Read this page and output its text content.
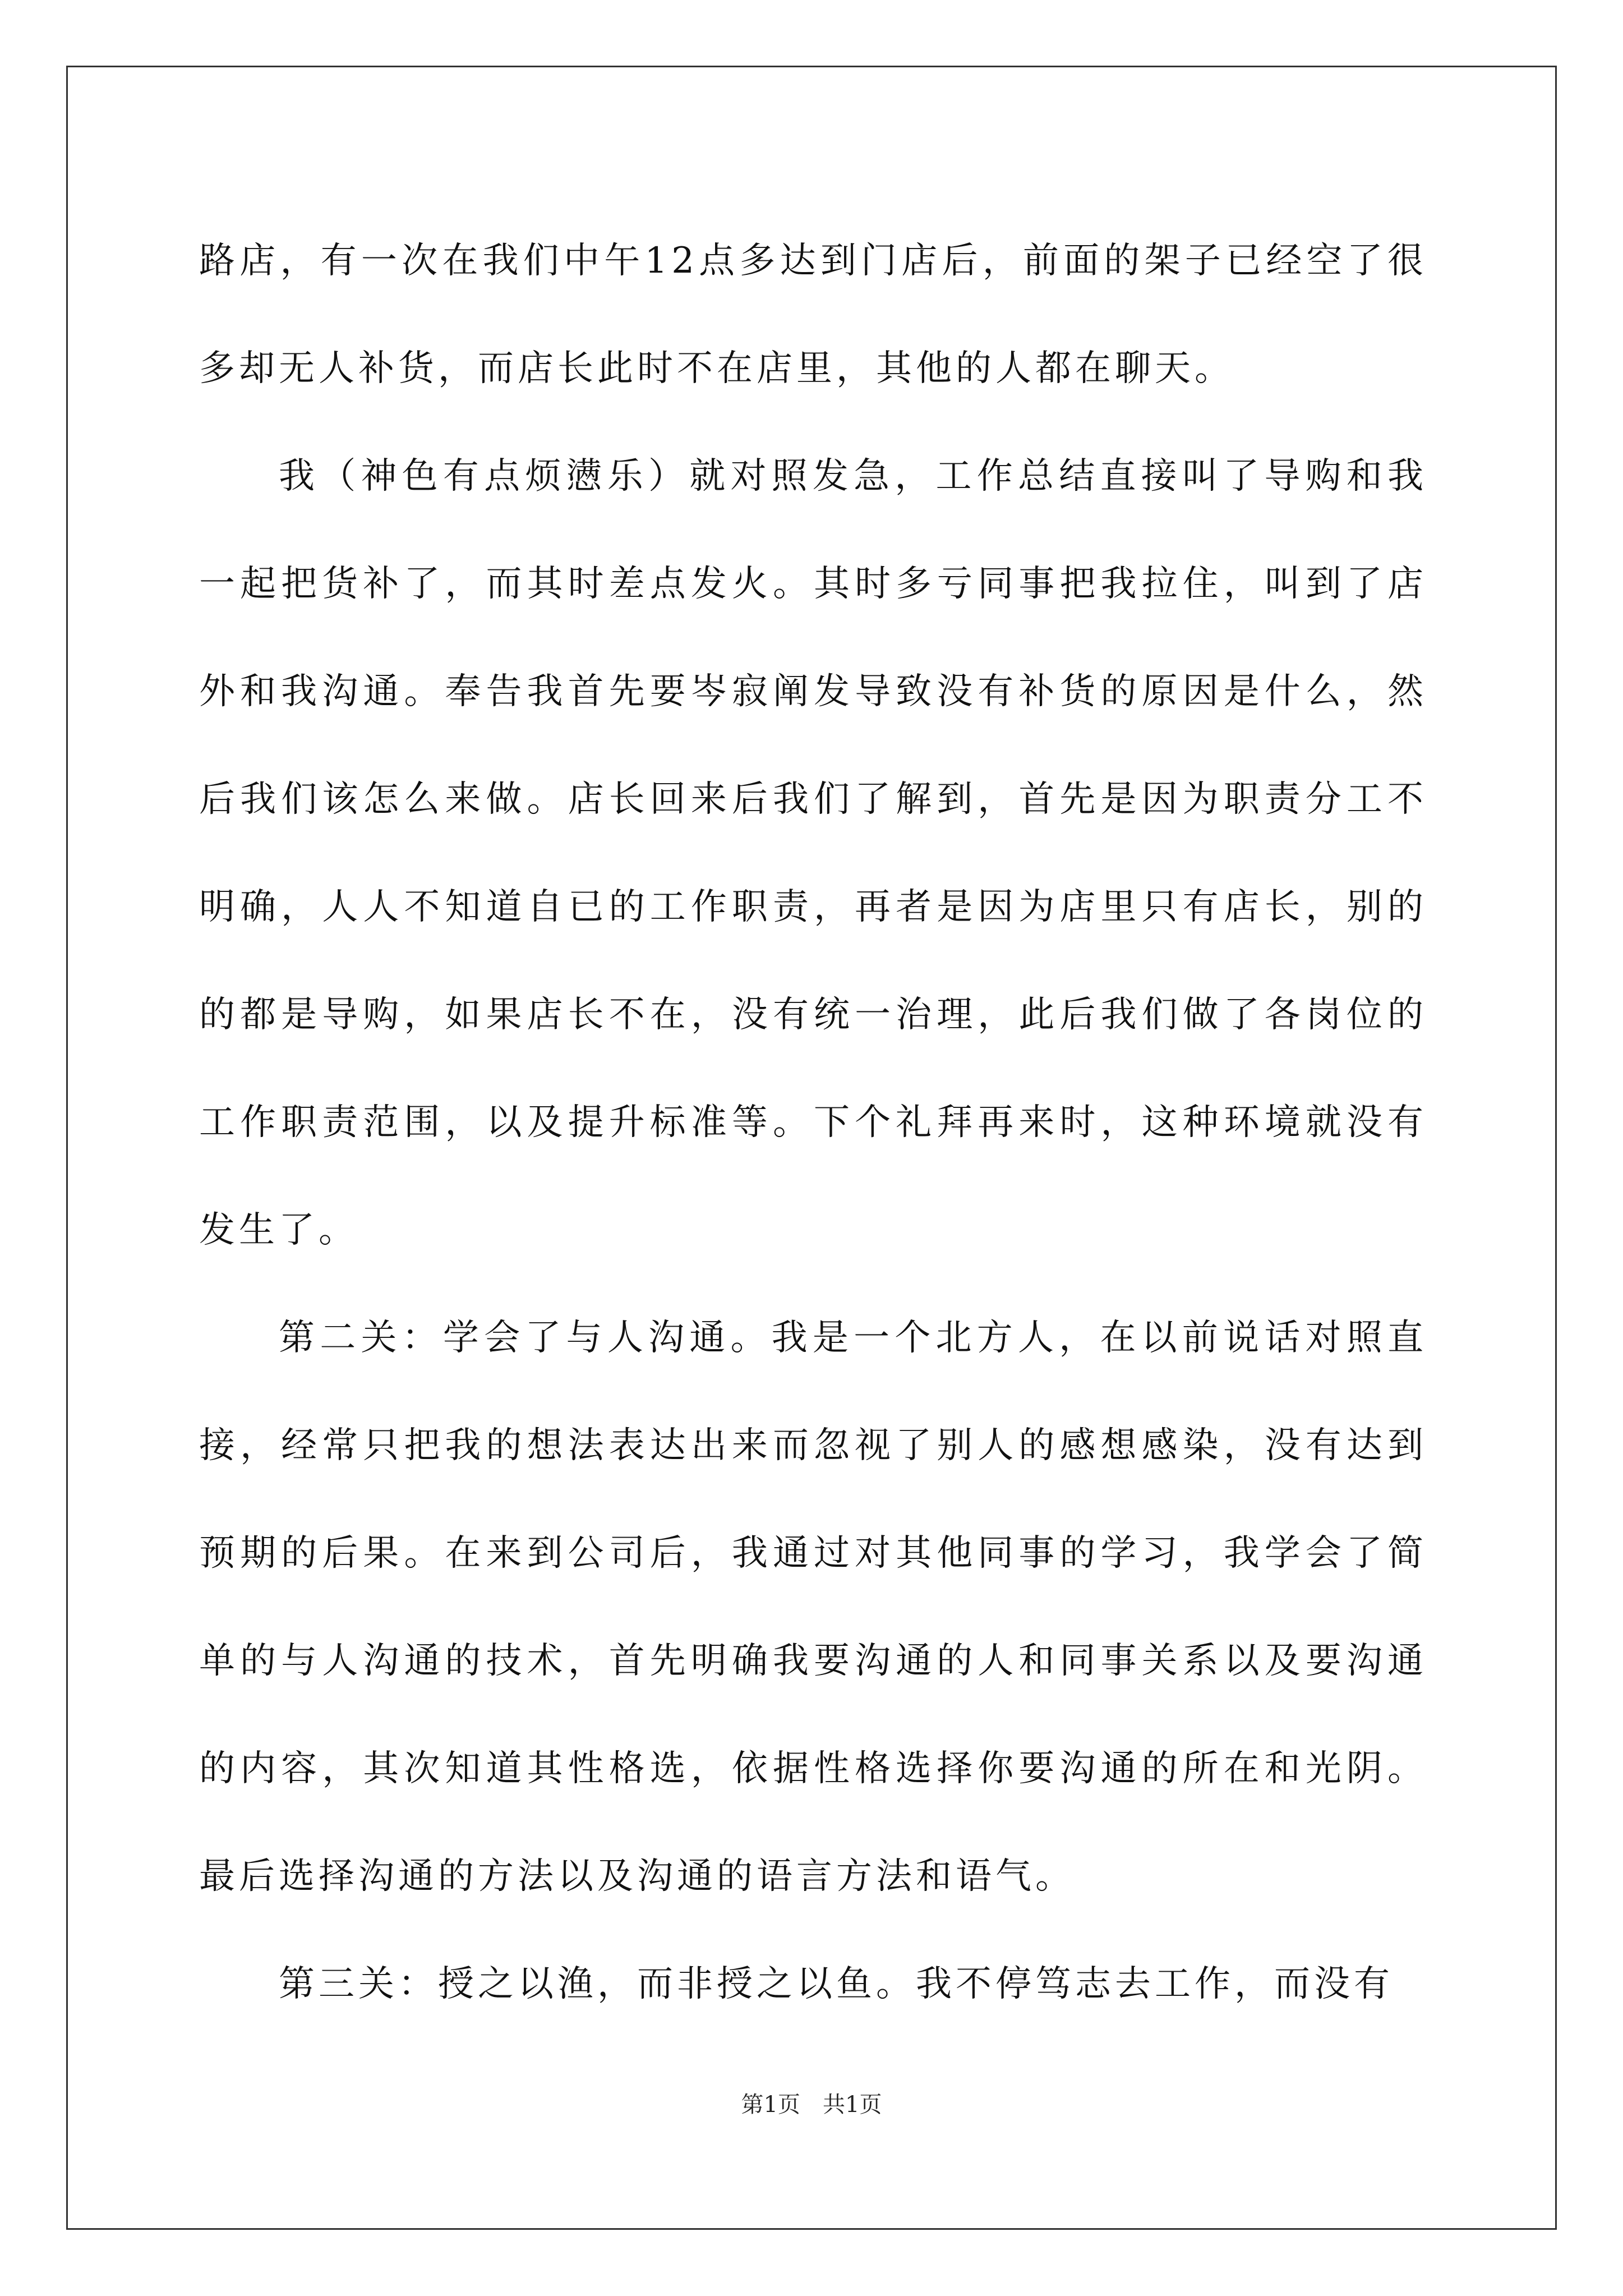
路店，有一次在我们中午12点多达到门店后，前面的架子已经空了很多却无人补货，而店长此时不在店里，其他的人都在聊天。

我（神色有点烦懑乐）就对照发急，工作总结直接叫了导购和我一起把货补了，而其时差点发火。其时多亏同事把我拉住，叫到了店外和我沟通。奉告我首先要岑寂阐发导致没有补货的原因是什么，然后我们该怎么来做。店长回来后我们了解到，首先是因为职责分工不明确，人人不知道自已的工作职责，再者是因为店里只有店长，别的的都是导购，如果店长不在，没有统一治理，此后我们做了各岗位的工作职责范围，以及提升标准等。下个礼拜再来时，这种环境就没有发生了。

第二关：学会了与人沟通。我是一个北方人，在以前说话对照直接，经常只把我的想法表达出来而忽视了别人的感想感染，没有达到预期的后果。在来到公司后，我通过对其他同事的学习，我学会了简单的与人沟通的技术，首先明确我要沟通的人和同事关系以及要沟通的内容，其次知道其性格选，依据性格选择你要沟通的所在和光阴。最后选择沟通的方法以及沟通的语言方法和语气。

第三关：授之以渔，而非授之以鱼。我不停笃志去工作，而没有

第1页 共1页
